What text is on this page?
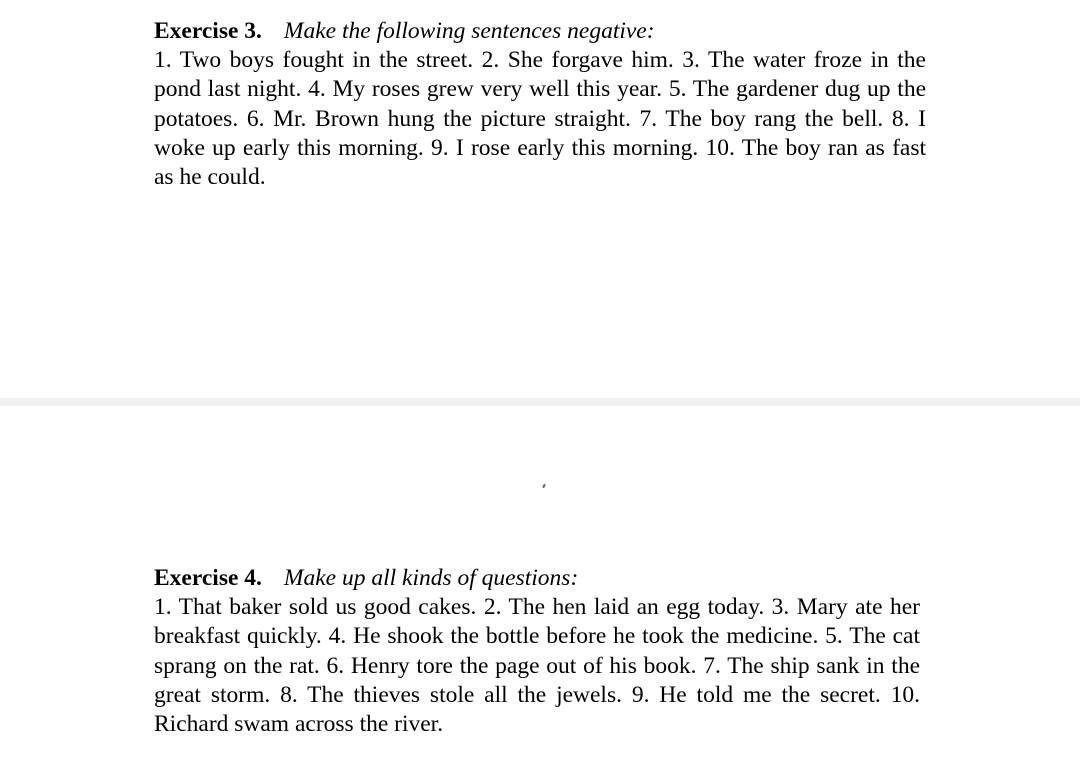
Exercise 3. Make the following sentences negative:
1. Two boys fought in the street. 2. She forgave him. 3. The water froze in the pond last night. 4. My roses grew very well this year. 5. The gardener dug up the potatoes. 6. Mr. Brown hung the picture straight. 7. The boy rang the bell. 8. I woke up early this morning. 9. I rose early this morning. 10. The boy ran as fast as he could.
Exercise 4. Make up all kinds of questions:
1. That baker sold us good cakes. 2. The hen laid an egg today. 3. Mary ate her breakfast quickly. 4. He shook the bottle before he took the medicine. 5. The cat sprang on the rat. 6. Henry tore the page out of his book. 7. The ship sank in the great storm. 8. The thieves stole all the jewels. 9. He told me the secret. 10. Richard swam across the river.
